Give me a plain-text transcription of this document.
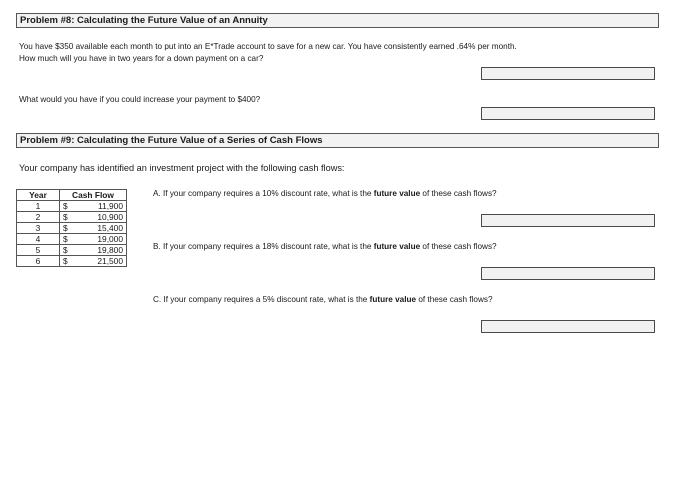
Problem #8: Calculating the Future Value of an Annuity
You have $350 available each month to put into an E*Trade account to save for a new car. You have consistently earned .64% per month.
How much will you have in two years for a down payment on a car?
What would you have if you could increase your payment to $400?
Problem #9: Calculating the Future Value of a Series of Cash Flows
Your company has identified an investment project with the following cash flows:
Year	Cash Flow	
1	$	11,900
2	$	10,900
3	$	15,400
4	$	19,000
5	$	19,800
6	$	21,500
A. If your company requires a 10% discount rate, what is the future value of these cash flows?
B. If your company requires a 18% discount rate, what is the future value of these cash flows?
C. If your company requires a 5% discount rate, what is the future value of these cash flows?
